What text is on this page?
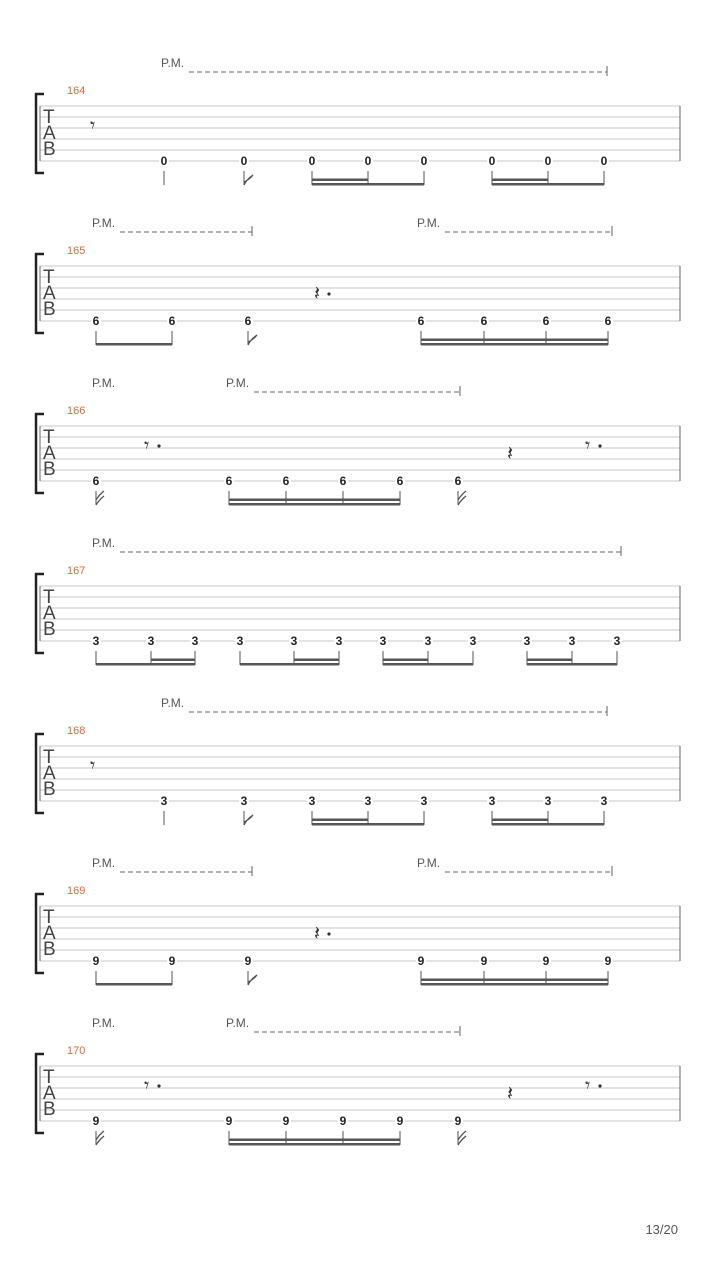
164
T
A
B
P.M.
𝄾
0	0	0	0	0	0	0	0
165
T
A
B
P.M.	P.M.
𝄽
6	6	6	6	6	6	6
166
T
A
B
P.M.	P.M.
𝄾	𝄽	𝄾
6	6	6	6	6	6
167
T
A
B
P.M.
3	3	3	3	3	3	3	3	3	3	3	3
168
T
A
B
P.M.
𝄾
3	3	3	3	3	3	3	3
169
T
A
B
P.M.	P.M.
𝄽
9	9	9	9	9	9	9
170
T
A
B
P.M.	P.M.
𝄾	𝄽	𝄾
9	9	9	9	9	9
13/20
